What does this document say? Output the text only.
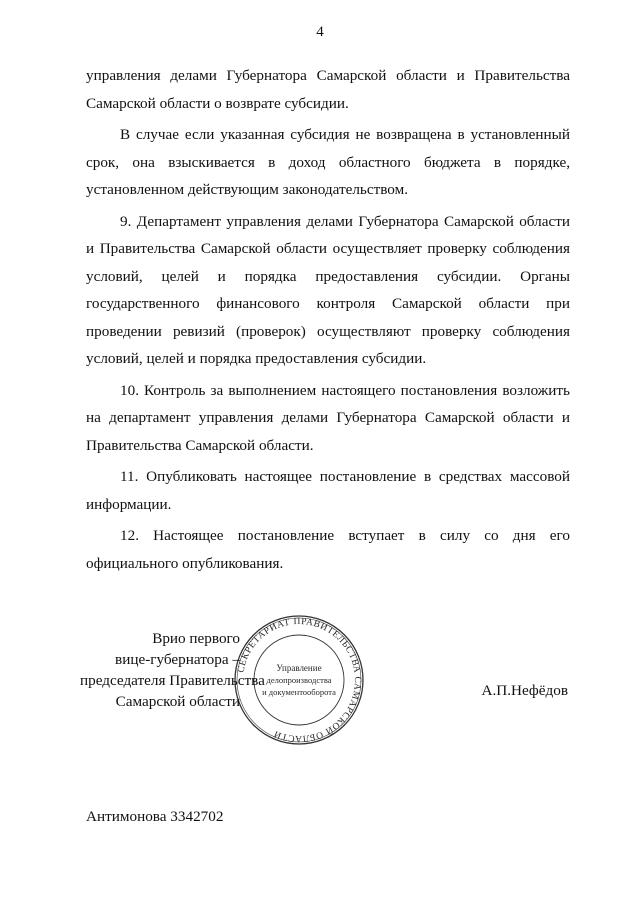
4

управления делами Губернатора Самарской области и Правительства Самарской области о возврате субсидии.

В случае если указанная субсидия не возвращена в установленный срок, она взыскивается в доход областного бюджета в порядке, установленном действующим законодательством.

9. Департамент управления делами Губернатора Самарской области и Правительства Самарской области осуществляет проверку соблюдения условий, целей и порядка предоставления субсидии. Органы государственного финансового контроля Самарской области при проведении ревизий (проверок) осуществляют проверку соблюдения условий, целей и порядка предоставления субсидии.

10. Контроль за выполнением настоящего постановления возложить на департамент управления делами Губернатора Самарской области и Правительства Самарской области.

11. Опубликовать настоящее постановление в средствах массовой информации.

12. Настоящее постановление вступает в силу со дня его официального опубликования.

СЕКРЕТАРИАТ ПРАВИТЕЛЬСТВА САМАРСКОЙ ОБЛАСТИ
Управление
делопроизводства
и документооборота
Врио первого
вице-губернатора –
председателя Правительства
Самарской области
А.П.Нефёдов
Антимонова 3342702
